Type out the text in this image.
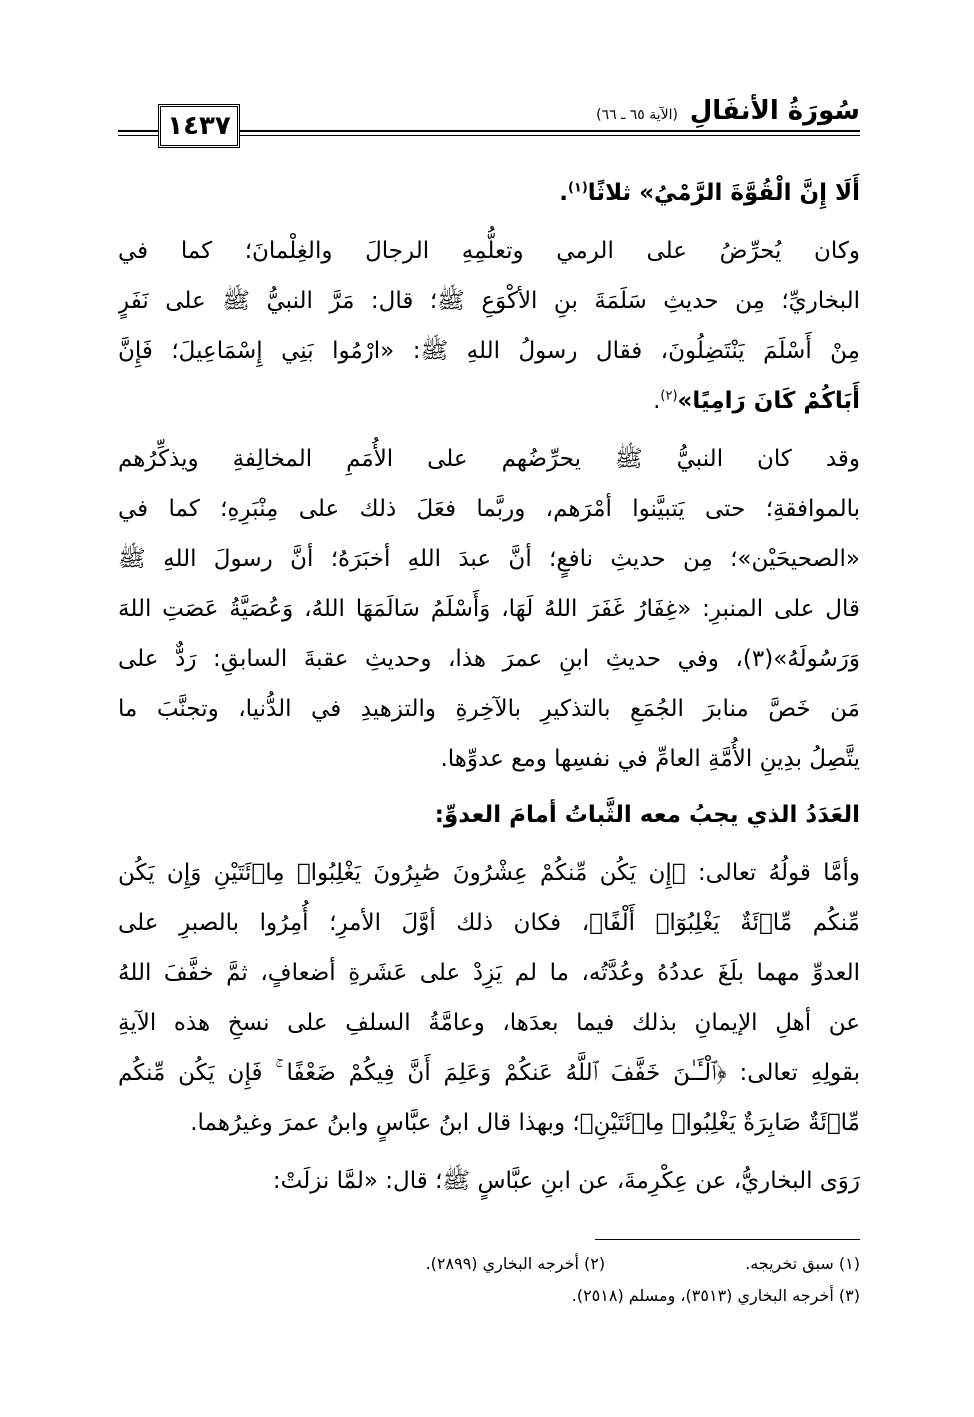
١٤٣٧	سُورَةُ الأنفَالِ (الآية ٦٥ ـ ٦٦)
أَلَا إِنَّ الْقُوَّةَ الرَّمْيُ» ثلاثًا$^{(١)}$.
وكان يُحرِّضُ على الرمي وتعلُّمِهِ الرجالَ والغِلْمانَ؛ كما في
البخاريِّ؛ مِن حديثِ سَلَمَةَ بنِ الأكْوَعِ ﷺ؛ قال: مَرَّ النبيُّ ﷺ على نَفَرٍ
مِنْ أَسْلَمَ يَنْتَضِلُونَ، فقال رسولُ اللهِ ﷺ: «ارْمُوا بَنِي إِسْمَاعِيلَ؛ فَإِنَّ
أَبَاكُمْ كَانَ رَامِيًا»$^{(٢)}$.
وقد كان النبيُّ ﷺ يحرِّضُهم على الأُمَمِ المخالِفةِ ويذكِّرُهم
بالموافقةِ؛ حتى يَتبيَّنوا أمْرَهم، وربَّما فعَلَ ذلك على مِنْبَرِهِ؛ كما في
«الصحيحَيْن»؛ مِن حديثِ نافعٍ؛ أنَّ عبدَ اللهِ أخبَرَهُ؛ أنَّ رسولَ اللهِ ﷺ
قال على المنبرِ: «غِفَارُ غَفَرَ اللهُ لَهَا، وَأَسْلَمُ سَالَمَهَا اللهُ، وَعُصَيَّةُ عَصَتِ اللهَ
وَرَسُولَهُ»(٣)، وفي حديثِ ابنِ عمرَ هذا، وحديثِ عقبةَ السابقِ: رَدٌّ على
مَن خَصَّ منابرَ الجُمَعِ بالتذكيرِ بالآخِرةِ والتزهيدِ في الدُّنيا، وتجنَّبَ ما
يتَّصِلُ بدِينِ الأُمَّةِ العامِّ في نفسِها ومع عدوِّها.
العَدَدُ الذي يجبُ معه الثَّباتُ أمامَ العدوِّ:
وأمَّا قولُهُ تعالى: ﴿إِن يَكُن مِّنكُمْ عِشْرُونَ صَٰبِرُونَ يَغْلِبُوا۟ مِا۟ئَتَيْنِ وَإِن يَكُن
مِّنكُم مِّا۟ئَةٌ يَغْلِبُوٓا۟ أَلْفًا﴾، فكان ذلك أوَّلَ الأمرِ؛ أُمِرُوا بالصبرِ على
العدوِّ مهما بلَغَ عددُهُ وعُدَّتُه، ما لم يَزِدْ على عَشَرةِ أضعافٍ، ثمَّ خفَّفَ اللهُ
عن أهلِ الإيمانِ بذلك فيما بعدَها، وعامَّةُ السلفِ على نسخِ هذه الآيةِ
بقولِهِ تعالى: ﴿ٱلْـَٔـٰنَ خَفَّفَ ٱللَّهُ عَنكُمْ وَعَلِمَ أَنَّ فِيكُمْ ضَعْفًا ۚ فَإِن يَكُن مِّنكُم
مِّا۟ئَةٌ صَابِرَةٌ يَغْلِبُوا۟ مِا۟ئَتَيْنِ﴾؛ وبهذا قال ابنُ عبَّاسٍ وابنُ عمرَ وغيرُهما.
رَوَى البخاريُّ، عن عِكْرِمةَ، عن ابنِ عبَّاسٍ ﷺ؛ قال: «لمَّا نزلَتْ:
(١) سبق تخريجه.(٢) أخرجه البخاري (٢٨٩٩).
(٣) أخرجه البخاري (٣٥١٣)، ومسلم (٢٥١٨).
